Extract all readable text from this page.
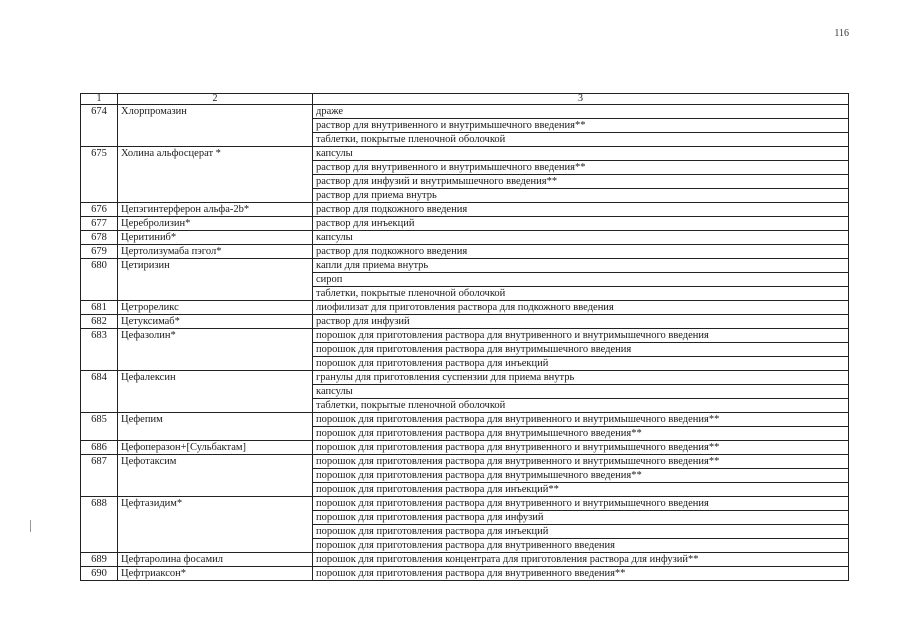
116
1	2	3
674	Хлорпромазин	драже
		раствор для внутривенного и внутримышечного введения**
		таблетки, покрытые пленочной оболочкой
675	Холина альфосцерат *	капсулы
		раствор для внутривенного и внутримышечного введения**
		раствор для инфузий и внутримышечного введения**
		раствор для приема внутрь
676	Цепэгинтерферон альфа-2b*	раствор для подкожного введения
677	Церебролизин*	раствор для инъекций
678	Церитиниб*	капсулы
679	Цертолизумаба пэгол*	раствор для подкожного введения
680	Цетиризин	капли для приема внутрь
		сироп
		таблетки, покрытые пленочной оболочкой
681	Цетрореликс	лиофилизат для приготовления раствора для подкожного введения
682	Цетуксимаб*	раствор для инфузий
683	Цефазолин*	порошок для приготовления раствора для внутривенного и внутримышечного введения
		порошок для приготовления раствора для внутримышечного введения
		порошок для приготовления раствора для инъекций
684	Цефалексин	гранулы для приготовления суспензии для приема внутрь
		капсулы
		таблетки, покрытые пленочной оболочкой
685	Цефепим	порошок для приготовления раствора для внутривенного и внутримышечного введения**
		порошок для приготовления раствора для внутримышечного введения**
686	Цефоперазон+[Сульбактам]	порошок для приготовления раствора для внутривенного и внутримышечного введения**
687	Цефотаксим	порошок для приготовления раствора для внутривенного и внутримышечного введения**
		порошок для приготовления раствора для внутримышечного введения**
		порошок для приготовления раствора для инъекций**
688	Цефтазидим*	порошок для приготовления раствора для внутривенного и внутримышечного введения
		порошок для приготовления раствора для инфузий
		порошок для приготовления раствора для инъекций
		порошок для приготовления раствора для внутривенного введения
689	Цефтаролина фосамил	порошок для приготовления концентрата для приготовления раствора для инфузий**
690	Цефтриаксон*	порошок для приготовления раствора для внутривенного введения**
